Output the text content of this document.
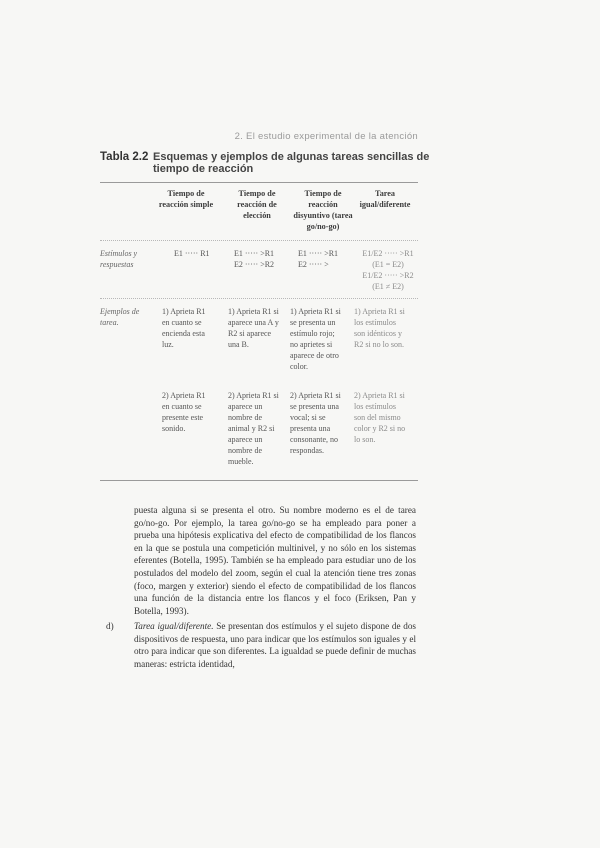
2. El estudio experimental de la atención
Tabla 2.2 Esquemas y ejemplos de algunas tareas sencillas de tiempo de reacción
Tiempo de reacción simple
Tiempo de reacción de elección
Tiempo de reacción disyuntivo (tarea go/no-go)
Tarea igual/diferente
Estímulos y respuestas
E1 ····· R1	E1 ····· >R1
E2 ····· >R2
E1 ····· >R1
E2 ····· >
E1/E2 ····· >R1
(E1 = E2)
E1/E2 ····· >R2
(E1 ≠ E2)
Ejemplos de tarea.
1) Aprieta R1
en cuanto se
encienda esta
luz.
1) Aprieta R1 si
aparece una A y
R2 si aparece
una B.
1) Aprieta R1 si
se presenta un
estímulo rojo;
no aprietes si
aparece de otro
color.
1) Aprieta R1 si
los estímulos
son idénticos y
R2 si no lo son.
2) Aprieta R1
en cuanto se
presente este
sonido.
2) Aprieta R1 si
aparece un
nombre de
animal y R2 si
aparece un
nombre de
mueble.
2) Aprieta R1 si
se presenta una
vocal; si se
presenta una
consonante, no
respondas.
2) Aprieta R1 si
los estímulos
son del mismo
color y R2 si no
lo son.

puesta alguna si se presenta el otro. Su nombre moderno es el de tarea go/no-go. Por ejemplo, la tarea go/no-go se ha empleado para poner a prueba una hipótesis explicativa del efecto de compatibilidad de los flancos en la que se postula una competición multinivel, y no sólo en los sistemas eferentes (Botella, 1995). También se ha empleado para estudiar uno de los postulados del modelo del zoom, según el cual la atención tiene tres zonas (foco, margen y exterior) siendo el efecto de compatibilidad de los flancos una función de la distancia entre los flancos y el foco (Eriksen, Pan y Botella, 1993).

d) Tarea igual/diferente. Se presentan dos estímulos y el sujeto dispone de dos dispositivos de respuesta, uno para indicar que los estímulos son iguales y el otro para indicar que son diferentes. La igualdad se puede definir de muchas maneras: estricta identidad,
